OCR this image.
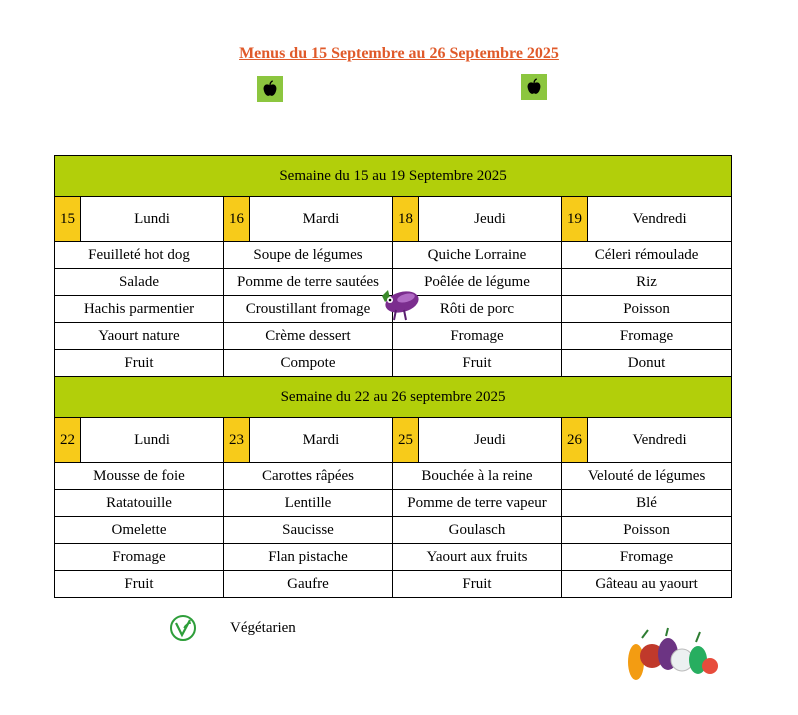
Menus du 15 Septembre au 26 Septembre 2025
Semaine du 15 au 19 Septembre 2025							
15	Lundi	16	Mardi	18	Jeudi	19	Vendredi
Feuilleté hot dog		Soupe de légumes		Quiche Lorraine		Céleri rémoulade	
Salade		Pomme de terre sautées		Poêlée de légume		Riz	
Hachis parmentier		Croustillant fromage		Rôti de porc		Poisson	
Yaourt nature		Crème dessert		Fromage		Fromage	
Fruit		Compote		Fruit		Donut	
Semaine du 22 au 26 septembre 2025							
22	Lundi	23	Mardi	25	Jeudi	26	Vendredi
Mousse de foie		Carottes râpées		Bouchée à la reine		Velouté de légumes	
Ratatouille		Lentille		Pomme de terre vapeur		Blé	
Omelette		Saucisse		Goulasch		Poisson	
Fromage		Flan pistache		Yaourt aux fruits		Fromage	
Fruit		Gaufre		Fruit		Gâteau au yaourt	
Végétarien
